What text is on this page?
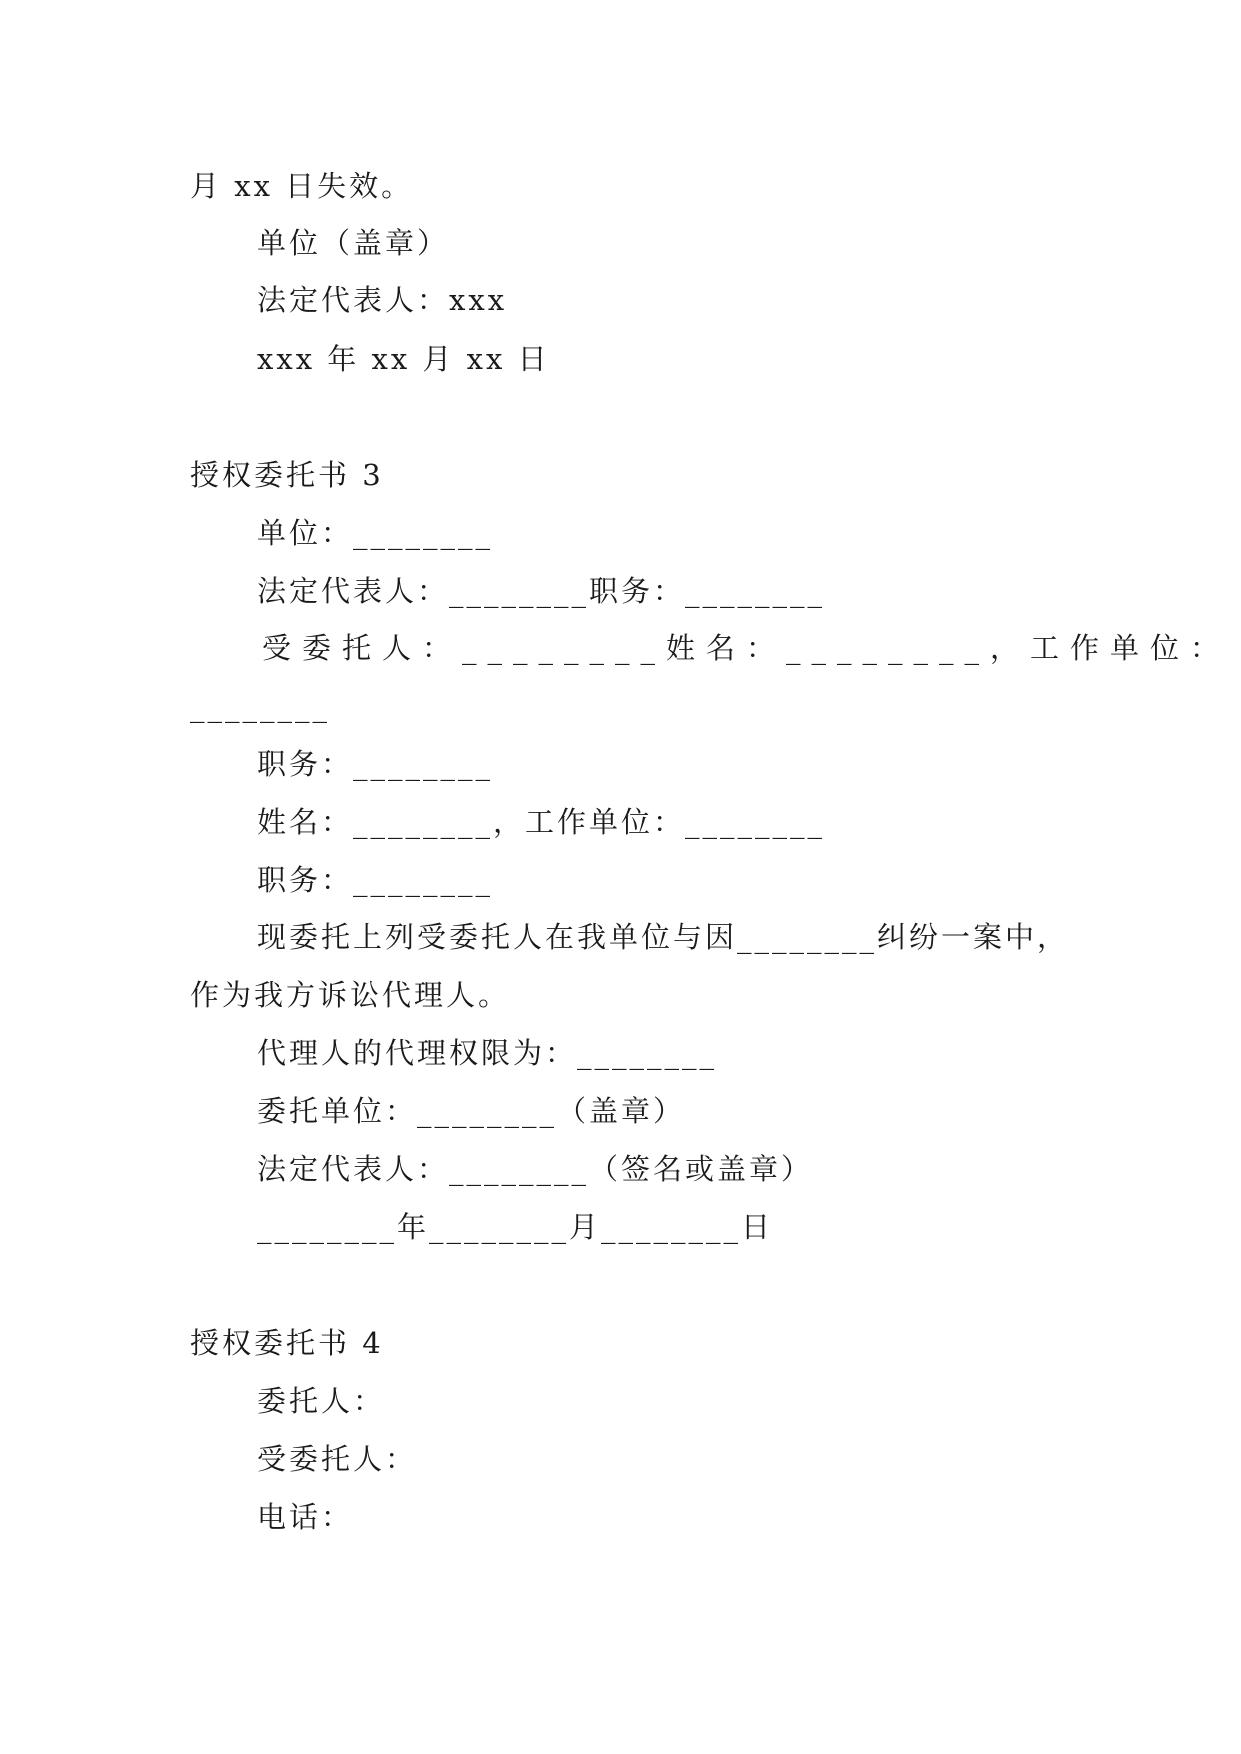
月 xx 日失效。
单位（盖章）
法定代表人：xxx
xxx 年 xx 月 xx 日
授权委托书 3
单位：________
法定代表人：________职务：________
受委托人：________姓名：________，工作单位：
________
职务：________
姓名：________，工作单位：________
职务：________
现委托上列受委托人在我单位与因________纠纷一案中，
作为我方诉讼代理人。
代理人的代理权限为：________
委托单位：________（盖章）
法定代表人：________（签名或盖章）
________年________月________日
授权委托书 4
委托人：
受委托人：
电话：
